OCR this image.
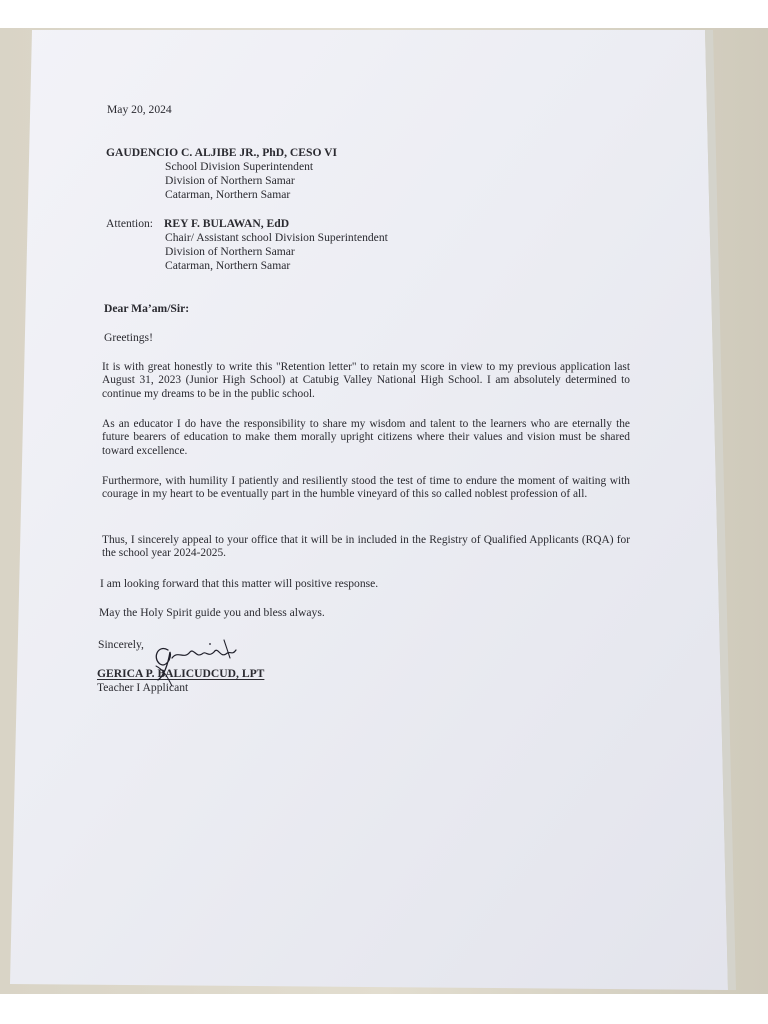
May 20, 2024
GAUDENCIO C. ALJIBE JR., PhD, CESO VI
School Division Superintendent
Division of Northern Samar
Catarman, Northern Samar
Attention: REY F. BULAWAN, EdD
Chair/ Assistant school Division Superintendent
Division of Northern Samar
Catarman, Northern Samar
Dear Ma’am/Sir:
Greetings!
It is with great honestly to write this "Retention letter" to retain my score in view to my previous application last August 31, 2023 (Junior High School) at Catubig Valley National High School. I am absolutely determined to continue my dreams to be in the public school.
As an educator I do have the responsibility to share my wisdom and talent to the learners who are eternally the future bearers of education to make them morally upright citizens where their values and vision must be shared toward excellence.
Furthermore, with humility I patiently and resiliently stood the test of time to endure the moment of waiting with courage in my heart to be eventually part in the humble vineyard of this so called noblest profession of all.
Thus, I sincerely appeal to your office that it will be in included in the Registry of Qualified Applicants (RQA) for the school year 2024-2025.
I am looking forward that this matter will positive response.
May the Holy Spirit guide you and bless always.
Sincerely,
GERICA P. BALICUDCUD, LPT
Teacher I Applicant
